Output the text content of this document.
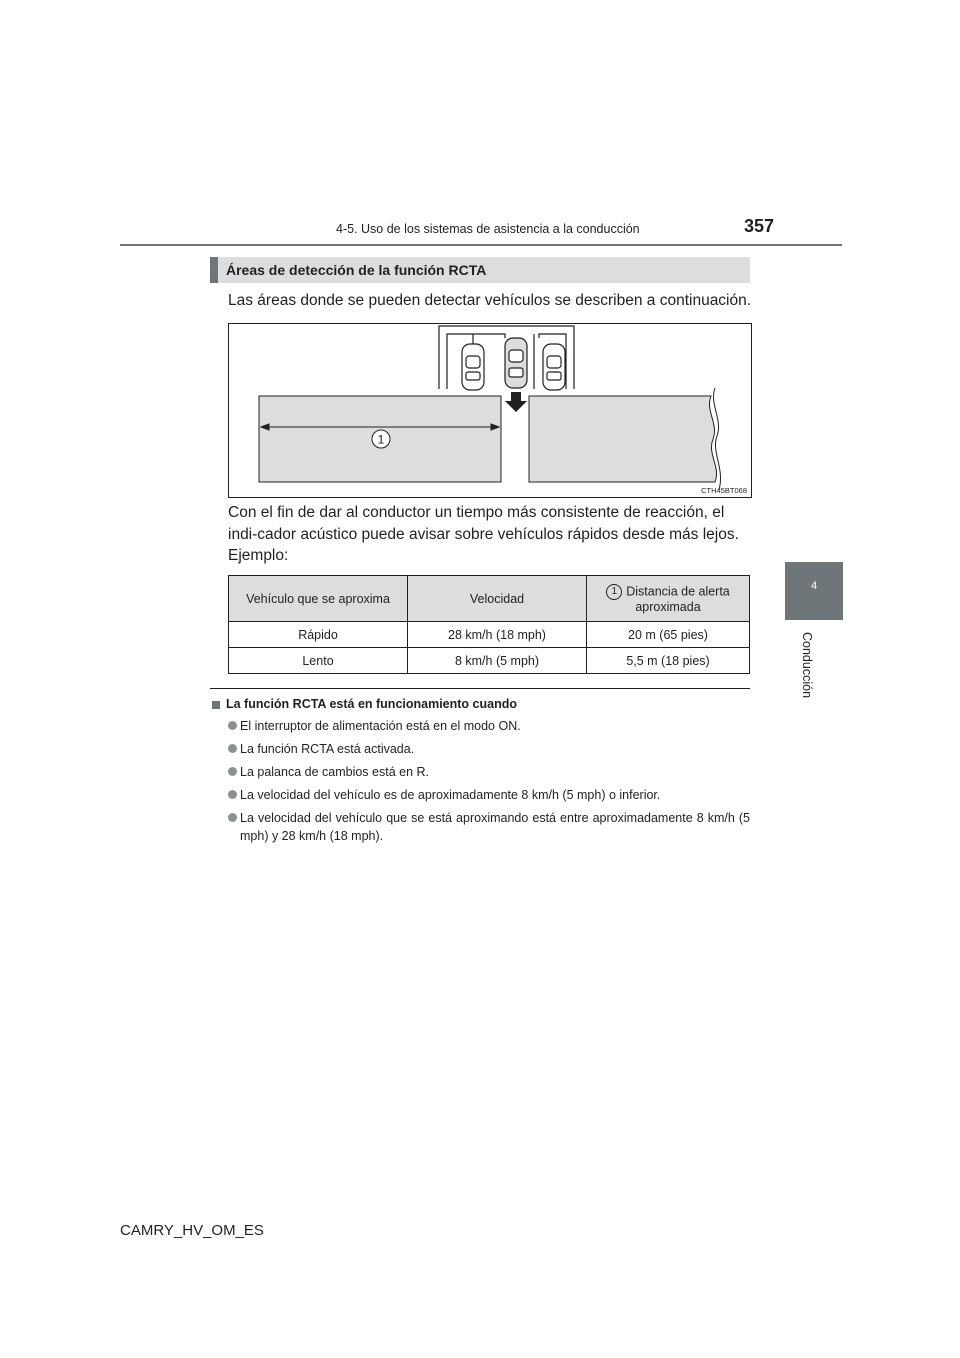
4-5. Uso de los sistemas de asistencia a la conducción	357
4
Conducción
Áreas de detección de la función RCTA
Las áreas donde se pueden detectar vehículos se describen a continuación.
1
CTH45BT068
Con el fin de dar al conductor un tiempo más consistente de reacción, el indi-cador acústico puede avisar sobre vehículos rápidos desde más lejos.
Ejemplo:
Vehículo que se aproxima	Velocidad	1 Distancia de alerta aproximada
Rápido	28 km/h (18 mph)	20 m (65 pies)
Lento	8 km/h (5 mph)	5,5 m (18 pies)
La función RCTA está en funcionamiento cuando
El interruptor de alimentación está en el modo ON.
La función RCTA está activada.
La palanca de cambios está en R.
La velocidad del vehículo es de aproximadamente 8 km/h (5 mph) o inferior.
La velocidad del vehículo que se está aproximando está entre aproximadamente 8 km/h (5 mph) y 28 km/h (18 mph).
CAMRY_HV_OM_ES
